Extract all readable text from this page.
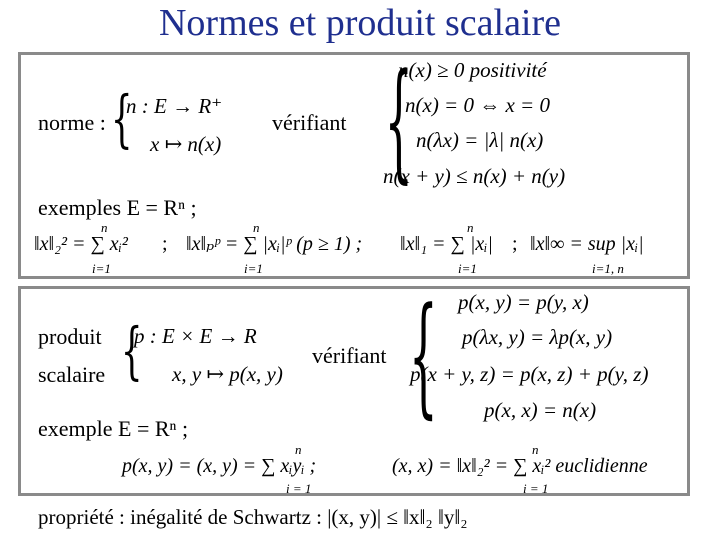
Normes et produit scalaire
norme : {
n : E → R⁺
x ↦ n(x)
vérifiant {
n(x) ≥ 0 positivité
n(x) = 0 ⇔ x = 0
n(λx) = |λ| n(x)
n(x + y) ≤ n(x) + n(y)
exemples E = Rⁿ ;
‖x‖₂² = ∑ xᵢ²
n
i=1
; ‖x‖ₚᵖ = ∑ |xᵢ|ᵖ (p ≥ 1) ;
n
i=1
‖x‖₁ = ∑ |xᵢ|
n
i=1
; ‖x‖∞ = sup |xᵢ|
i=1, n
produit
scalaire {
p : E × E → R
x, y ↦ p(x, y)
vérifiant { p(x, y) = p(y, x)
p(λx, y) = λp(x, y)
p(x + y, z) = p(x, z) + p(y, z)
p(x, x) = n(x)
exemple E = Rⁿ ;
p(x, y) = (x, y) = ∑ xᵢyᵢ ;
n
i = 1
(x, x) = ‖x‖₂² = ∑ xᵢ² euclidienne
n
i = 1
propriété : inégalité de Schwartz : |(x, y)| ≤ ‖x‖₂ ‖y‖₂
